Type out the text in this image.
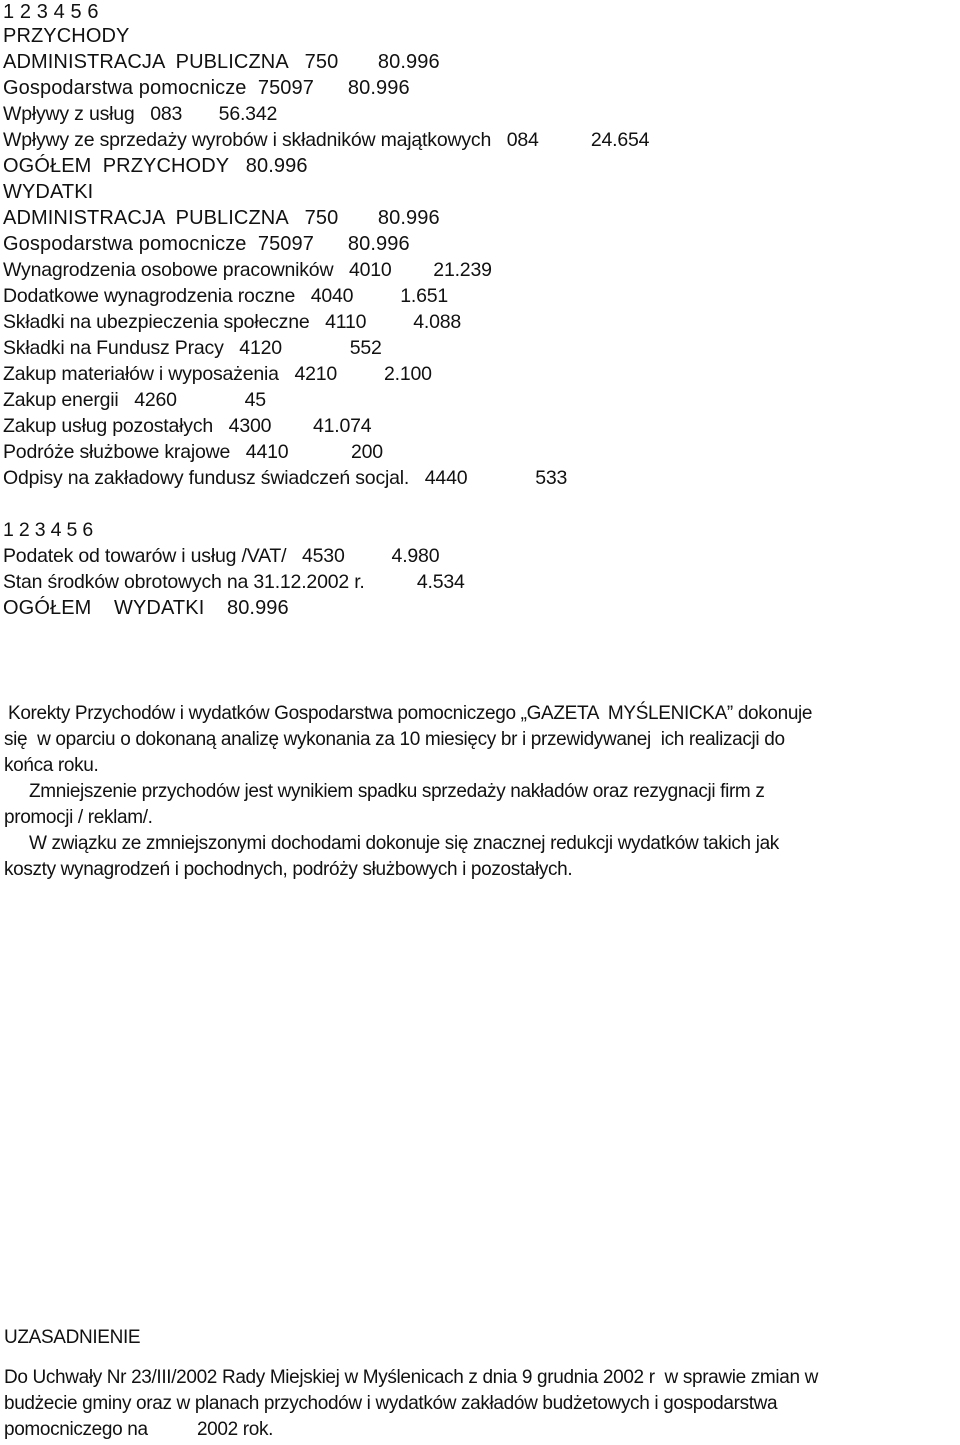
1 2 3 4 5 6
PRZYCHODY
ADMINISTRACJA  PUBLICZNA   750       80.996
Gospodarstwa pomocnicze  75097      80.996
Wpływy z usług   083       56.342
Wpływy ze sprzedaży wyrobów i składników majątkowych   084          24.654
OGÓŁEM  PRZYCHODY   80.996
WYDATKI
ADMINISTRACJA  PUBLICZNA   750       80.996
Gospodarstwa pomocnicze  75097      80.996
Wynagrodzenia osobowe pracowników   4010        21.239
Dodatkowe wynagrodzenia roczne   4040         1.651
Składki na ubezpieczenia społeczne   4110         4.088
Składki na Fundusz Pracy   4120             552
Zakup materiałów i wyposażenia   4210         2.100
Zakup energii   4260             45
Zakup usług pozostałych   4300        41.074
Podróże służbowe krajowe   4410            200
Odpisy na zakładowy fundusz świadczeń socjal.   4440             533
1 2 3 4 5 6
Podatek od towarów i usług /VAT/   4530         4.980
Stan środków obrotowych na 31.12.2002 r.          4.534
OGÓŁEM    WYDATKI    80.996
Korekty Przychodów i wydatków Gospodarstwa pomocniczego „GAZETA  MYŚLENICKA” dokonuje
się  w oparciu o dokonaną analizę wykonania za 10 miesięcy br i przewidywanej  ich realizacji do
końca roku.
Zmniejszenie przychodów jest wynikiem spadku sprzedaży nakładów oraz rezygnacji firm z
promocji / reklam/.
W związku ze zmniejszonymi dochodami dokonuje się znacznej redukcji wydatków takich jak
koszty wynagrodzeń i pochodnych, podróży służbowych i pozostałych.
UZASADNIENIE
Do Uchwały Nr 23/III/2002 Rady Miejskiej w Myślenicach z dnia 9 grudnia 2002 r  w sprawie zmian w
budżecie gminy oraz w planach przychodów i wydatków zakładów budżetowych i gospodarstwa
pomocniczego na          2002 rok.
